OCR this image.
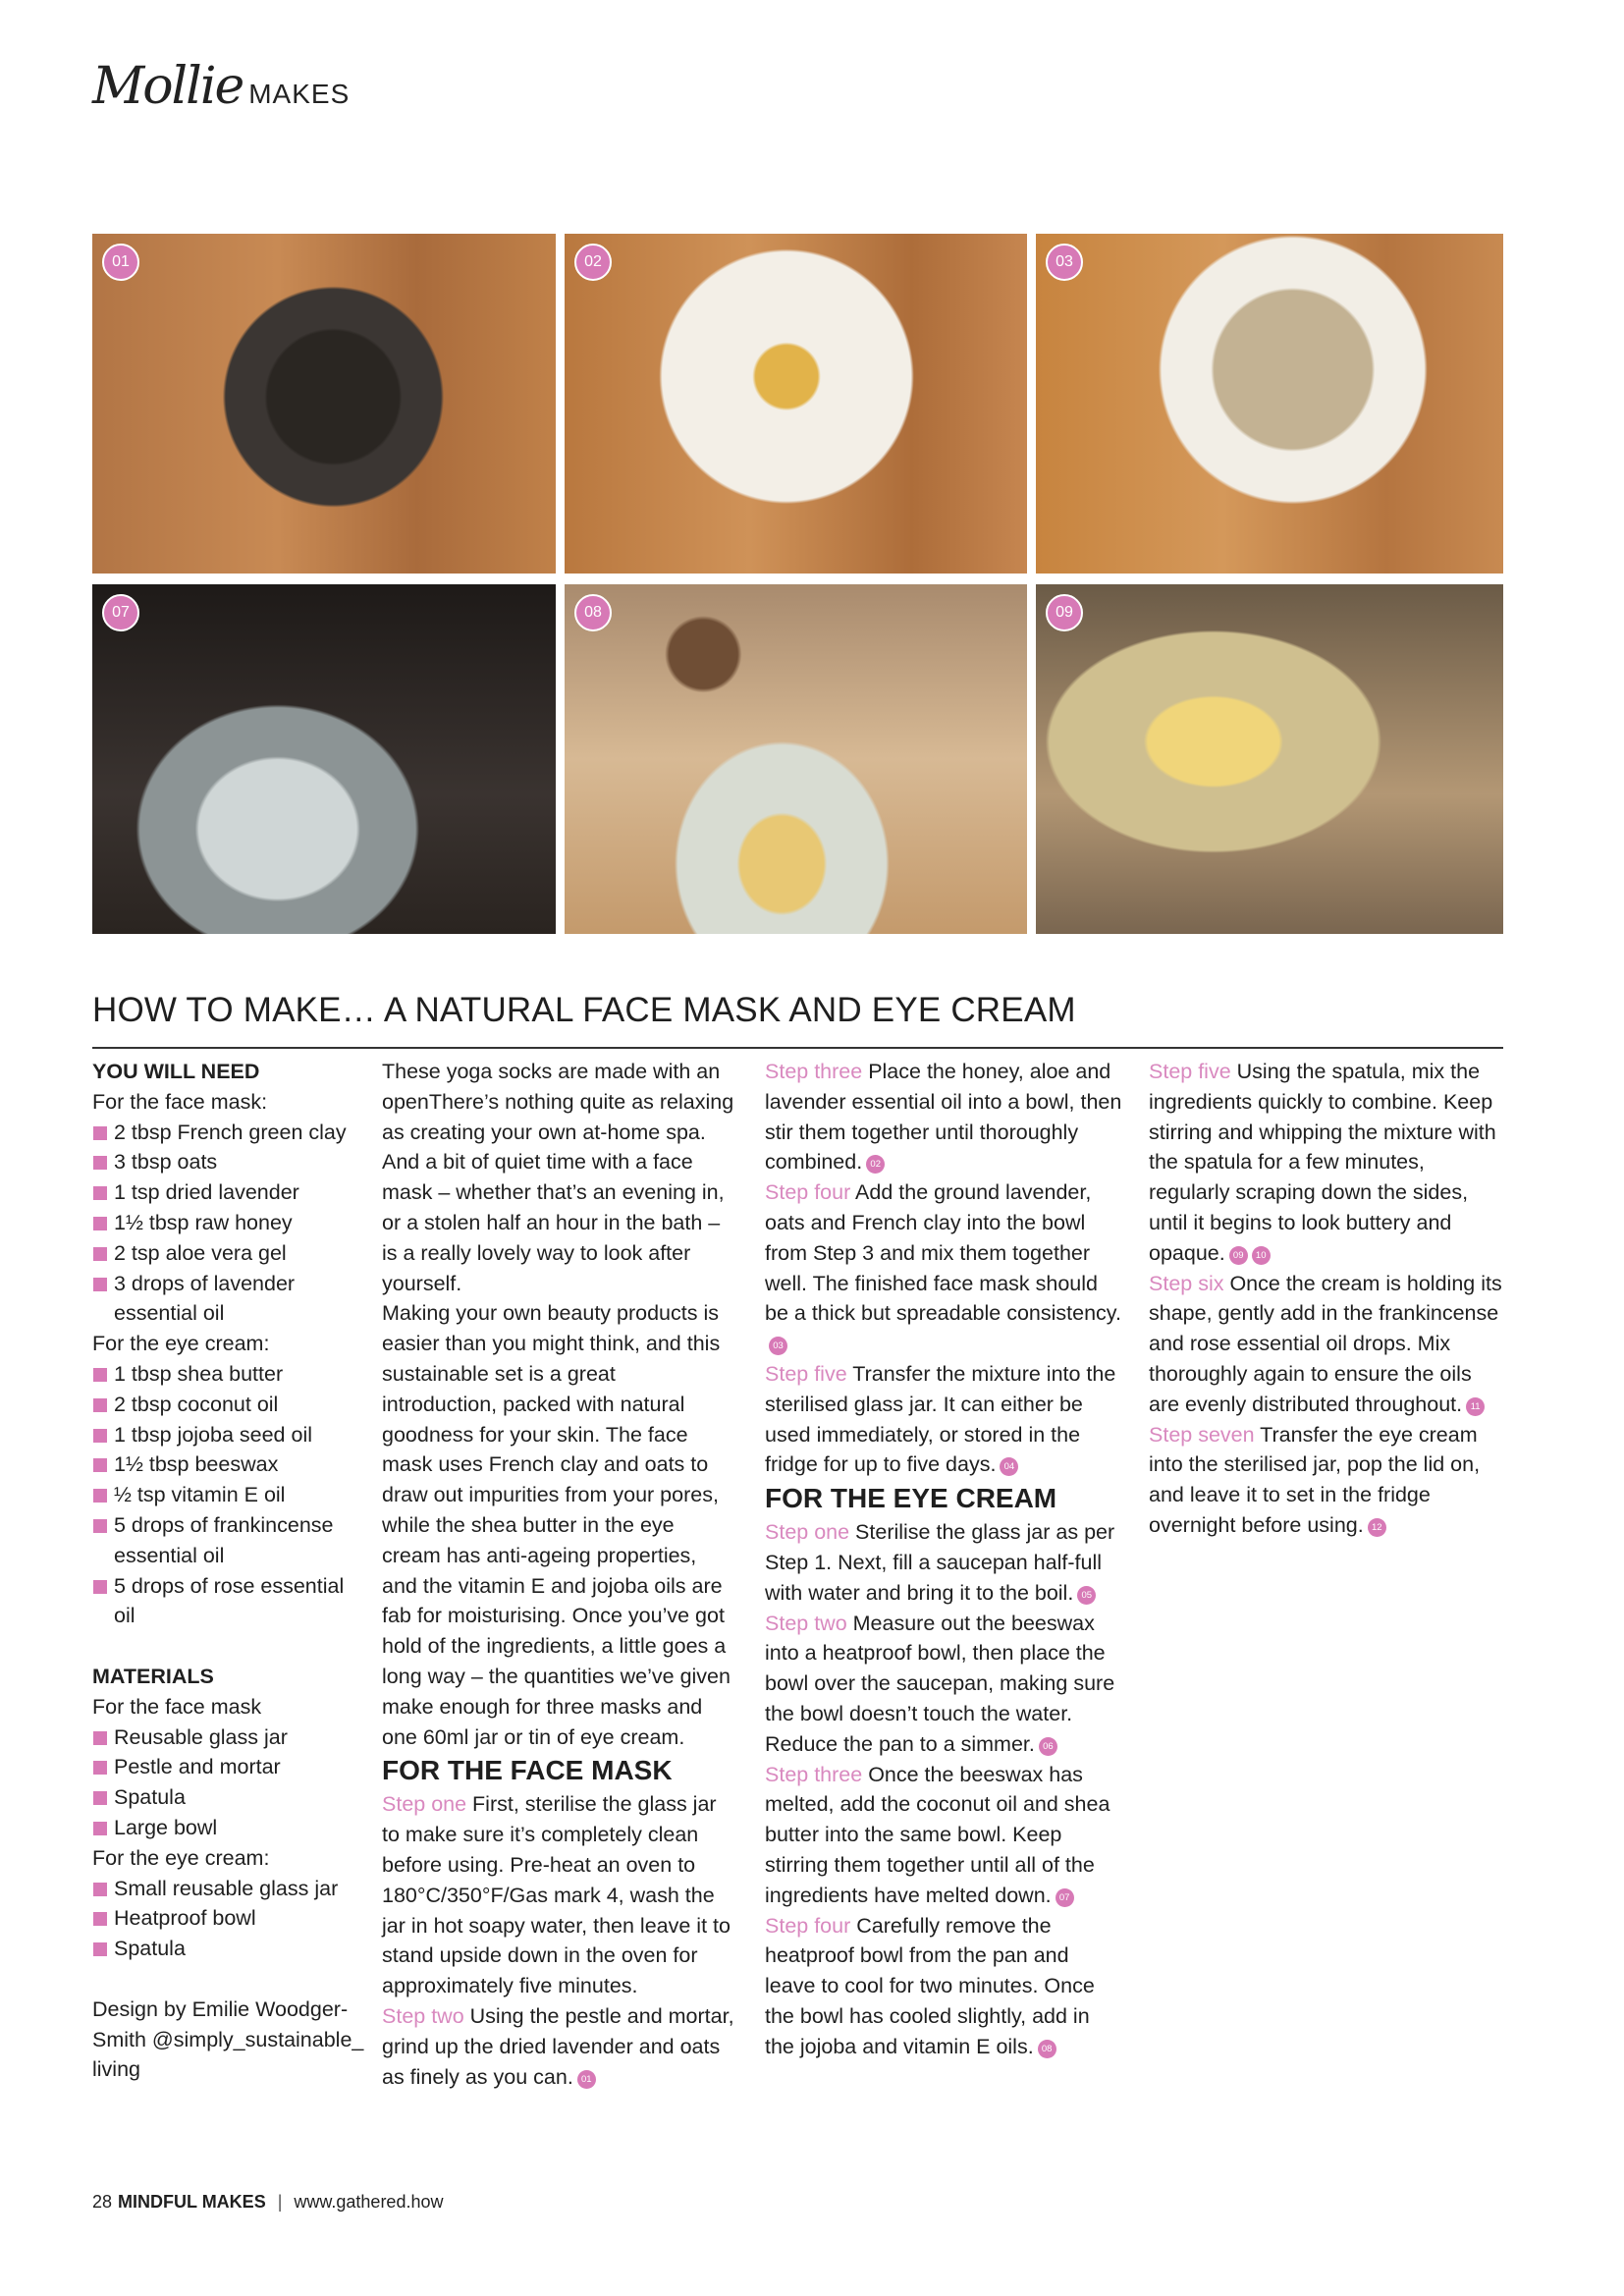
Mollie MAKES
01	02	03
07	08	09
HOW TO MAKE… A NATURAL FACE MASK AND EYE CREAM

YOU WILL NEED

For the face mask:

2 tbsp French green clay
3 tbsp oats
1 tsp dried lavender
1½ tbsp raw honey
2 tsp aloe vera gel
3 drops of lavender essential oil

For the eye cream:

1 tbsp shea butter
2 tbsp coconut oil
1 tbsp jojoba seed oil
1½ tbsp beeswax
½ tsp vitamin E oil
5 drops of frankincense essential oil
5 drops of rose essential oil

MATERIALS

For the face mask

Reusable glass jar
Pestle and mortar
Spatula
Large bowl

For the eye cream:

Small reusable glass jar
Heatproof bowl
Spatula

Design by Emilie Woodger-Smith @simply_sustainable_ living

These yoga socks are made with an openThere’s nothing quite as relaxing as creating your own at-home spa. And a bit of quiet time with a face mask – whether that’s an evening in, or a stolen half an hour in the bath – is a really lovely way to look after yourself.

Making your own beauty products is easier than you might think, and this sustainable set is a great introduction, packed with natural goodness for your skin. The face mask uses French clay and oats to draw out impurities from your pores, while the shea butter in the eye cream has anti-ageing properties, and the vitamin E and jojoba oils are fab for moisturising. Once you’ve got hold of the ingredients, a little goes a long way – the quantities we’ve given make enough for three masks and one 60ml jar or tin of eye cream.

FOR THE FACE MASK

Step one First, sterilise the glass jar to make sure it’s completely clean before using. Pre-heat an oven to 180°C/350°F/Gas mark 4, wash the jar in hot soapy water, then leave it to stand upside down in the oven for approximately five minutes.

Step two Using the pestle and mortar, grind up the dried lavender and oats as finely as you can. 01

Step three Place the honey, aloe and lavender essential oil into a bowl, then stir them together until thoroughly combined. 02

Step four Add the ground lavender, oats and French clay into the bowl from Step 3 and mix them together well. The finished face mask should be a thick but spreadable consistency.03

Step five Transfer the mixture into the sterilised glass jar. It can either be used immediately, or stored in the fridge for up to five days. 04

FOR THE EYE CREAM

Step one Sterilise the glass jar as per Step 1. Next, fill a saucepan half-full with water and bring it to the boil. 05

Step two Measure out the beeswax into a heatproof bowl, then place the bowl over the saucepan, making sure the bowl doesn’t touch the water. Reduce the pan to a simmer. 06

Step three Once the beeswax has melted, add the coconut oil and shea butter into the same bowl. Keep stirring them together until all of the ingredients have melted down. 07

Step four Carefully remove the heatproof bowl from the pan and leave to cool for two minutes. Once the bowl has cooled slightly, add in the jojoba and vitamin E oils. 08

Step five Using the spatula, mix the ingredients quickly to combine. Keep stirring and whipping the mixture with the spatula for a few minutes, regularly scraping down the sides, until it begins to look buttery and opaque. 09 10

Step six Once the cream is holding its shape, gently add in the frankincense and rose essential oil drops. Mix thoroughly again to ensure the oils are evenly distributed throughout. 11

Step seven Transfer the eye cream into the sterilised jar, pop the lid on, and leave it to set in the fridge overnight before using. 12

28 MINDFUL MAKES | www.gathered.how
